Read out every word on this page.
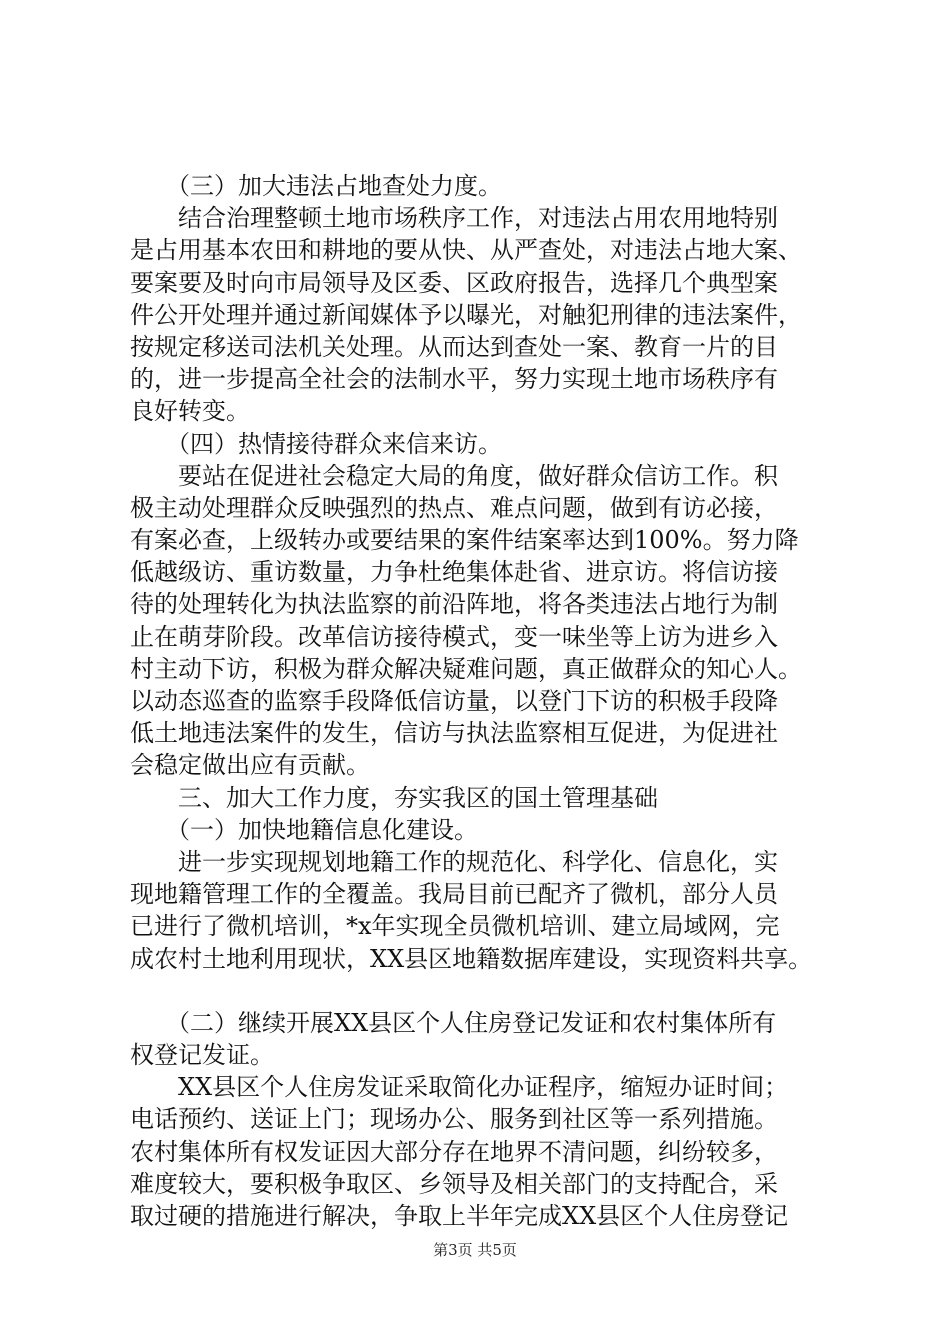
　　（三）加大违法占地查处力度。
　　结合治理整顿土地市场秩序工作，对违法占用农用地特别
是占用基本农田和耕地的要从快、从严查处，对违法占地大案、
要案要及时向市局领导及区委、区政府报告，选择几个典型案
件公开处理并通过新闻媒体予以曝光，对触犯刑律的违法案件，
按规定移送司法机关处理。从而达到查处一案、教育一片的目
的，进一步提高全社会的法制水平，努力实现土地市场秩序有
良好转变。
　　（四）热情接待群众来信来访。
　　要站在促进社会稳定大局的角度，做好群众信访工作。积
极主动处理群众反映强烈的热点、难点问题，做到有访必接，
有案必查，上级转办或要结果的案件结案率达到100%。努力降
低越级访、重访数量，力争杜绝集体赴省、进京访。将信访接
待的处理转化为执法监察的前沿阵地，将各类违法占地行为制
止在萌芽阶段。改革信访接待模式，变一味坐等上访为进乡入
村主动下访，积极为群众解决疑难问题，真正做群众的知心人。
以动态巡查的监察手段降低信访量，以登门下访的积极手段降
低土地违法案件的发生，信访与执法监察相互促进，为促进社
会稳定做出应有贡献。
　　三、加大工作力度，夯实我区的国土管理基础
　　（一）加快地籍信息化建设。
　　进一步实现规划地籍工作的规范化、科学化、信息化，实
现地籍管理工作的全覆盖。我局目前已配齐了微机，部分人员
已进行了微机培训，*x年实现全员微机培训、建立局域网，完
成农村土地利用现状，XX县区地籍数据库建设，实现资料共享。
　　（二）继续开展XX县区个人住房登记发证和农村集体所有
权登记发证。
　　XX县区个人住房发证采取简化办证程序，缩短办证时间；
电话预约、送证上门；现场办公、服务到社区等一系列措施。
农村集体所有权发证因大部分存在地界不清问题，纠纷较多，
难度较大，要积极争取区、乡领导及相关部门的支持配合，采
取过硬的措施进行解决，争取上半年完成XX县区个人住房登记
第3页 共5页
